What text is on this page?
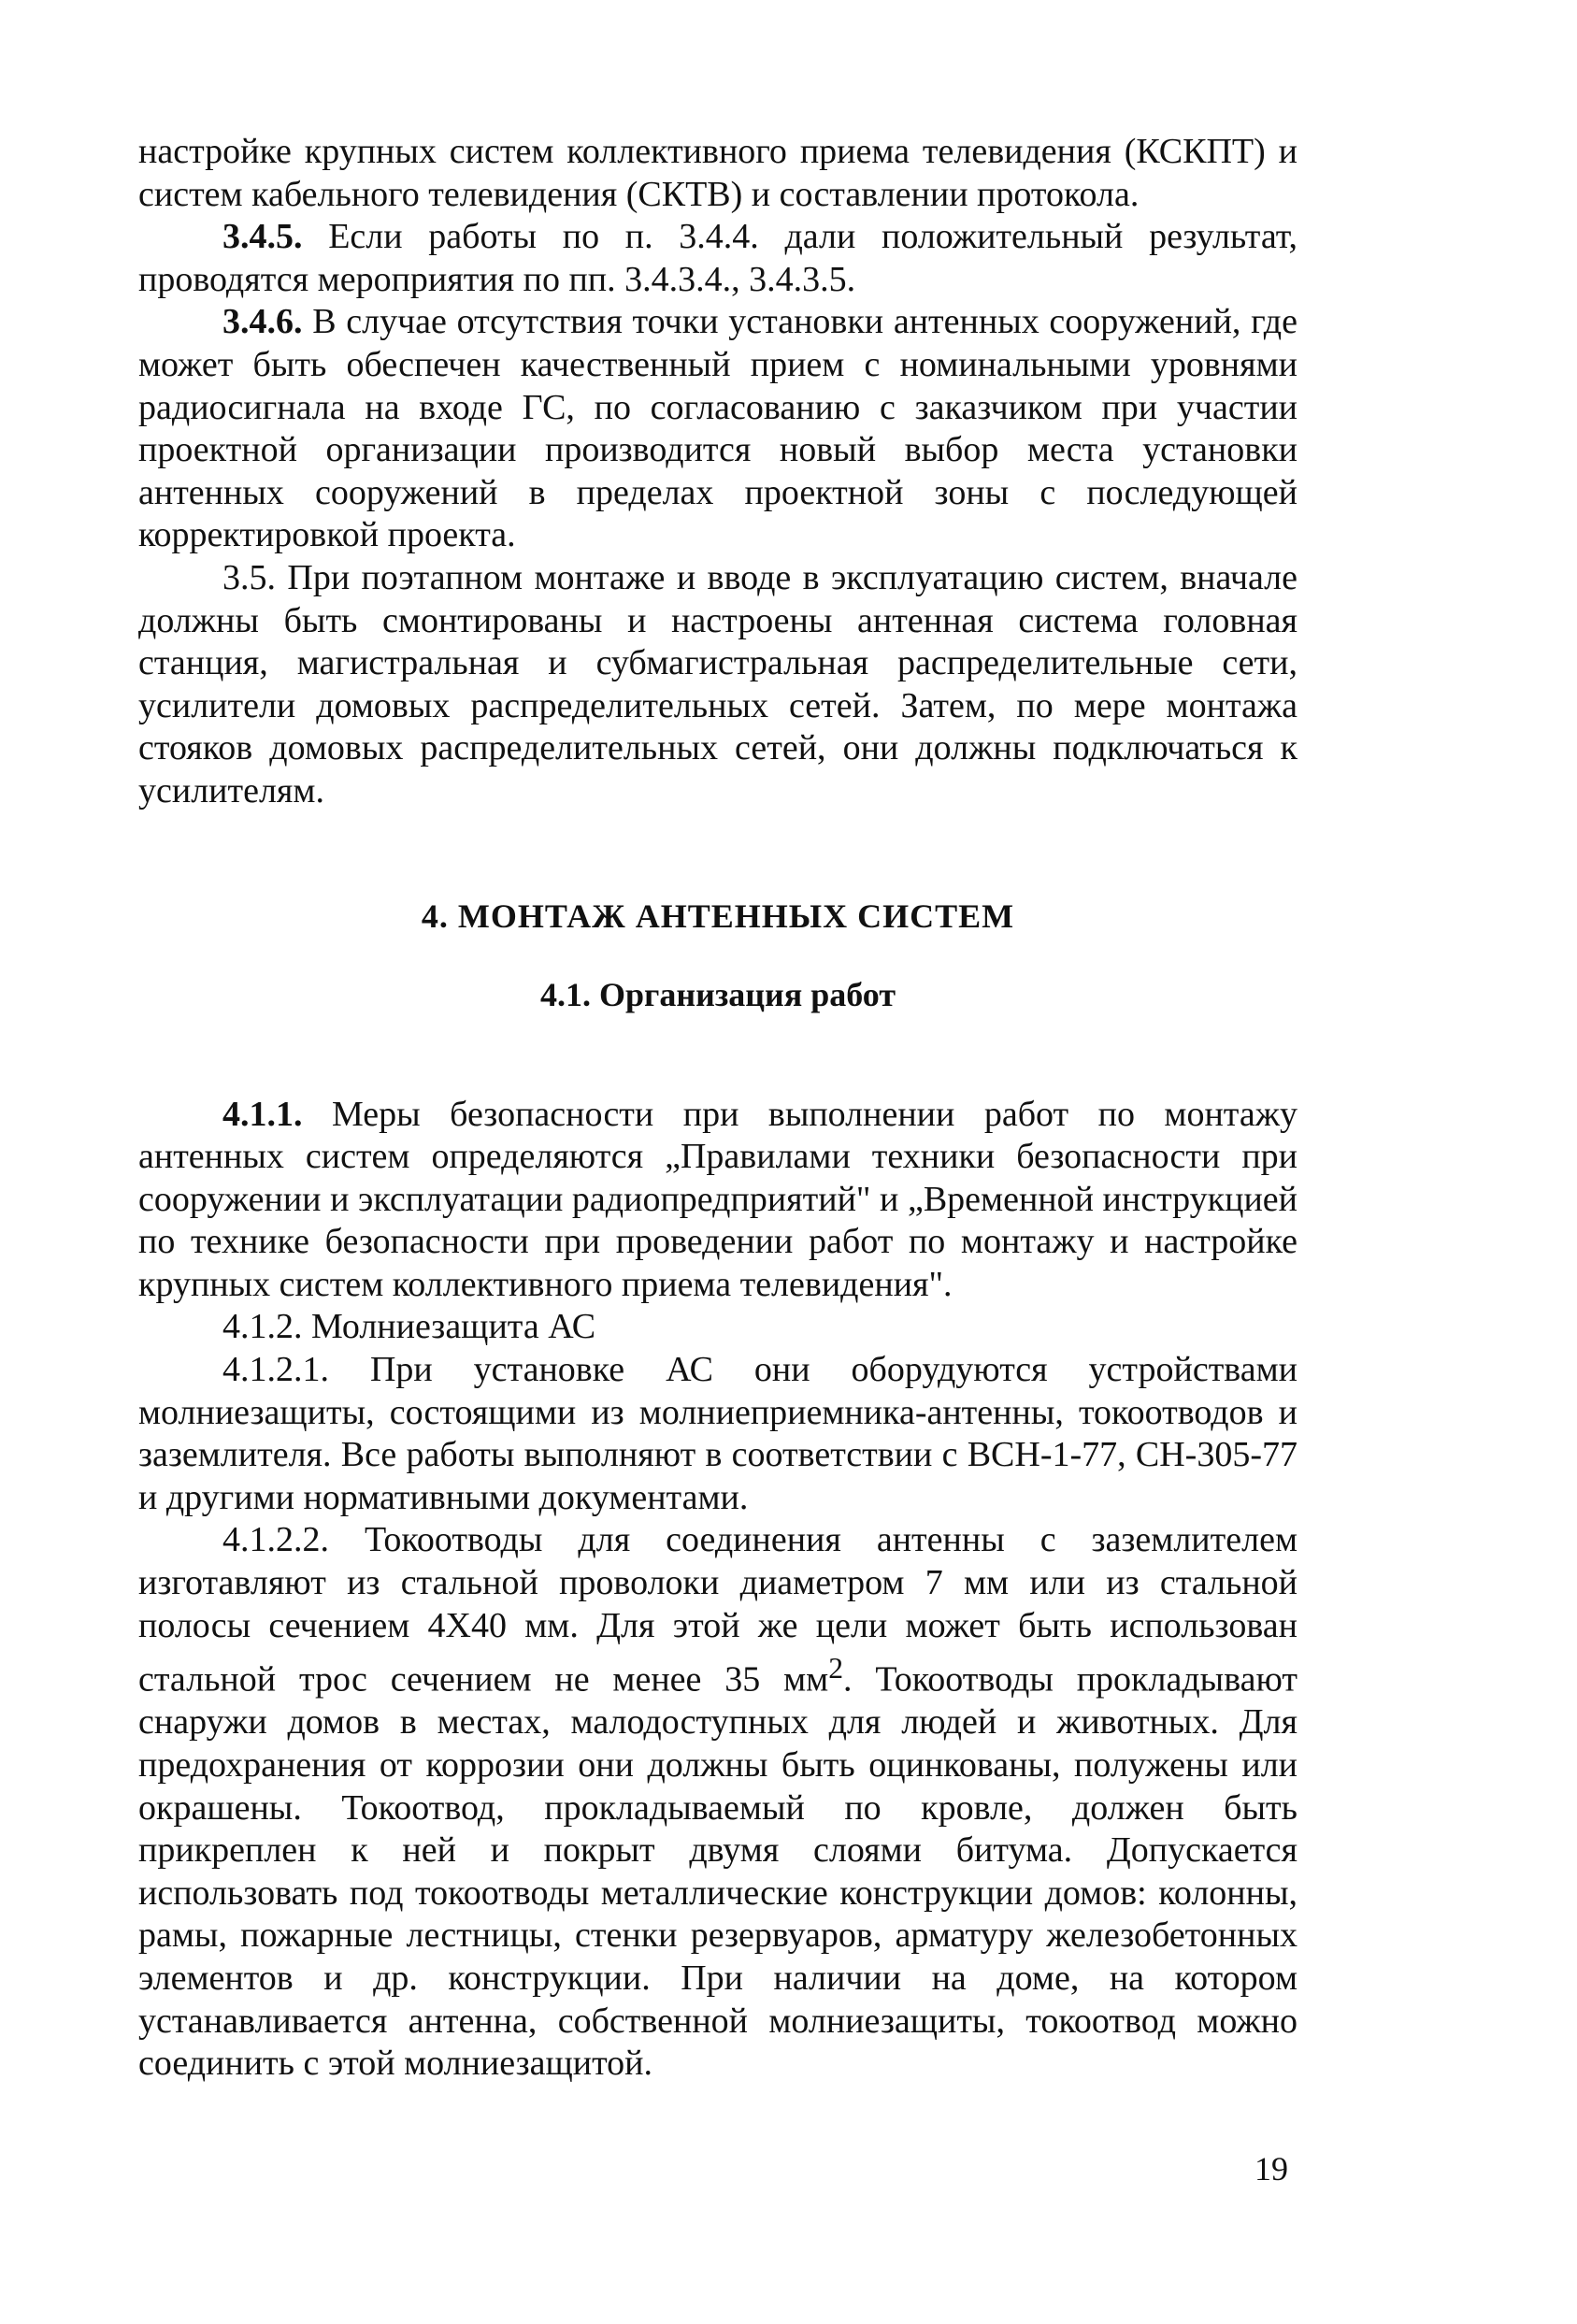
настройке крупных систем коллективного приема телевидения (КСКПТ) и систем кабельного телевидения (СКТВ) и составлении протокола.

3.4.5. Если работы по п. 3.4.4. дали положительный результат, проводятся мероприятия по пп. 3.4.3.4., 3.4.3.5.

3.4.6. В случае отсутствия точки установки антенных сооружений, где может быть обеспечен качественный прием с номинальными уровнями радиосигнала на входе ГС, по согласованию с заказчиком при участии проектной организации производится новый выбор места установки антенных сооружений в пределах проектной зоны с последующей корректировкой проекта.

3.5. При поэтапном монтаже и вводе в эксплуатацию систем, вначале должны быть смонтированы и настроены антенная система головная станция, магистральная и субмагистральная распределительные сети, усилители домовых распределительных сетей. Затем, по мере монтажа стояков домовых распределительных сетей, они должны подключаться к усилителям.

4. МОНТАЖ АНТЕННЫХ СИСТЕМ

4.1. Организация работ

4.1.1. Меры безопасности при выполнении работ по монтажу антенных систем определяются „Правилами техники безопасности при сооружении и эксплуатации радиопредприятий" и „Временной инструкцией по технике безопасности при проведении работ по монтажу и настройке крупных систем коллективного приема телевидения".

4.1.2. Молниезащита АС

4.1.2.1. При установке АС они оборудуются устройствами молниезащиты, состоящими из молниеприемника-антенны, токоотводов и заземлителя. Все работы выполняют в соответствии с ВСН-1-77, СН-305-77 и другими нормативными документами.

4.1.2.2. Токоотводы для соединения антенны с заземлителем изготавляют из стальной проволоки диаметром 7 мм или из стальной полосы сечением 4Х40 мм. Для этой же цели может быть использован стальной трос сечением не менее 35 $мм^2$. Токоотводы прокладывают снаружи домов в местах, малодоступных для людей и животных. Для предохранения от коррозии они должны быть оцинкованы, полужены или окрашены. Токоотвод, прокладываемый по кровле, должен быть прикреплен к ней и покрыт двумя слоями битума. Допускается использовать под токоотводы металлические конструкции домов: колонны, рамы, пожарные лестницы, стенки резервуаров, арматуру железобетонных элементов и др. конструкции. При наличии на доме, на котором устанавливается антенна, собственной молниезащиты, токоотвод можно соединить с этой молниезащитой.

19
